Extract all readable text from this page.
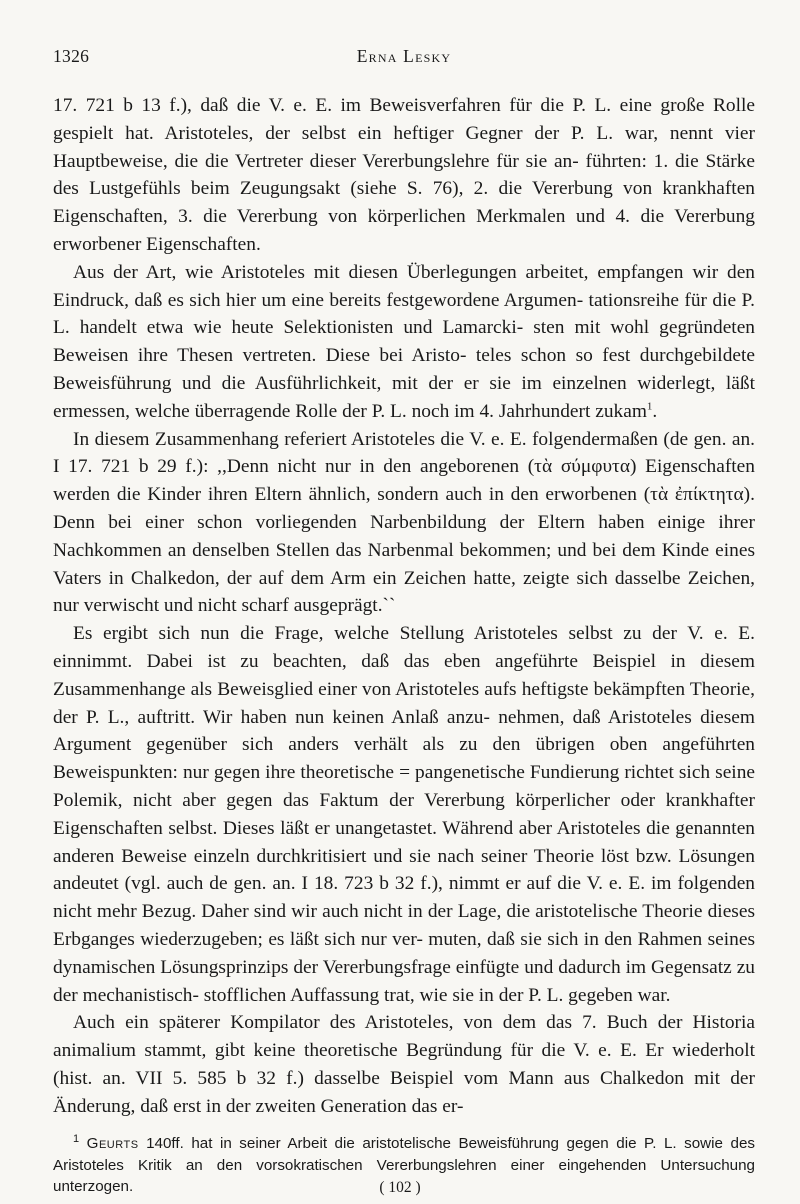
1326	Erna Lesky

17. 721 b 13 f.), daß die V. e. E. im Beweisverfahren für die P. L. eine große Rolle gespielt hat. Aristoteles, der selbst ein heftiger Gegner der P. L. war, nennt vier Hauptbeweise, die die Vertreter dieser Vererbungslehre für sie an- führten: 1. die Stärke des Lustgefühls beim Zeugungsakt (siehe S. 76), 2. die Vererbung von krankhaften Eigenschaften, 3. die Vererbung von körperlichen Merkmalen und 4. die Vererbung erworbener Eigenschaften.

Aus der Art, wie Aristoteles mit diesen Überlegungen arbeitet, empfangen wir den Eindruck, daß es sich hier um eine bereits festgewordene Argumen- tationsreihe für die P. L. handelt etwa wie heute Selektionisten und Lamarcki- sten mit wohl gegründeten Beweisen ihre Thesen vertreten. Diese bei Aristo- teles schon so fest durchgebildete Beweisführung und die Ausführlichkeit, mit der er sie im einzelnen widerlegt, läßt ermessen, welche überragende Rolle der P. L. noch im 4. Jahrhundert zukam$^1$.

In diesem Zusammenhang referiert Aristoteles die V. e. E. folgendermaßen (de gen. an. I 17. 721 b 29 f.): ,,Denn nicht nur in den angeborenen (τὰ σύμφυτα) Eigenschaften werden die Kinder ihren Eltern ähnlich, sondern auch in den erworbenen (τὰ ἐπίκτητα). Denn bei einer schon vorliegenden Narbenbildung der Eltern haben einige ihrer Nachkommen an denselben Stellen das Narbenmal bekommen; und bei dem Kinde eines Vaters in Chalkedon, der auf dem Arm ein Zeichen hatte, zeigte sich dasselbe Zeichen, nur verwischt und nicht scharf ausgeprägt.``

Es ergibt sich nun die Frage, welche Stellung Aristoteles selbst zu der V. e. E. einnimmt. Dabei ist zu beachten, daß das eben angeführte Beispiel in diesem Zusammenhange als Beweisglied einer von Aristoteles aufs heftigste bekämpften Theorie, der P. L., auftritt. Wir haben nun keinen Anlaß anzu- nehmen, daß Aristoteles diesem Argument gegenüber sich anders verhält als zu den übrigen oben angeführten Beweispunkten: nur gegen ihre theoretische = pangenetische Fundierung richtet sich seine Polemik, nicht aber gegen das Faktum der Vererbung körperlicher oder krankhafter Eigenschaften selbst. Dieses läßt er unangetastet. Während aber Aristoteles die genannten anderen Beweise einzeln durchkritisiert und sie nach seiner Theorie löst bzw. Lösungen andeutet (vgl. auch de gen. an. I 18. 723 b 32 f.), nimmt er auf die V. e. E. im folgenden nicht mehr Bezug. Daher sind wir auch nicht in der Lage, die aristotelische Theorie dieses Erbganges wiederzugeben; es läßt sich nur ver- muten, daß sie sich in den Rahmen seines dynamischen Lösungsprinzips der Vererbungsfrage einfügte und dadurch im Gegensatz zu der mechanistisch- stofflichen Auffassung trat, wie sie in der P. L. gegeben war.

Auch ein späterer Kompilator des Aristoteles, von dem das 7. Buch der Historia animalium stammt, gibt keine theoretische Begründung für die V. e. E. Er wiederholt (hist. an. VII 5. 585 b 32 f.) dasselbe Beispiel vom Mann aus Chalkedon mit der Änderung, daß erst in der zweiten Generation das er-

$^1$ Geurts 140ff. hat in seiner Arbeit die aristotelische Beweisführung gegen die P. L. sowie des Aristoteles Kritik an den vorsokratischen Vererbungslehren einer eingehenden Untersuchung unterzogen.	( 102 )
